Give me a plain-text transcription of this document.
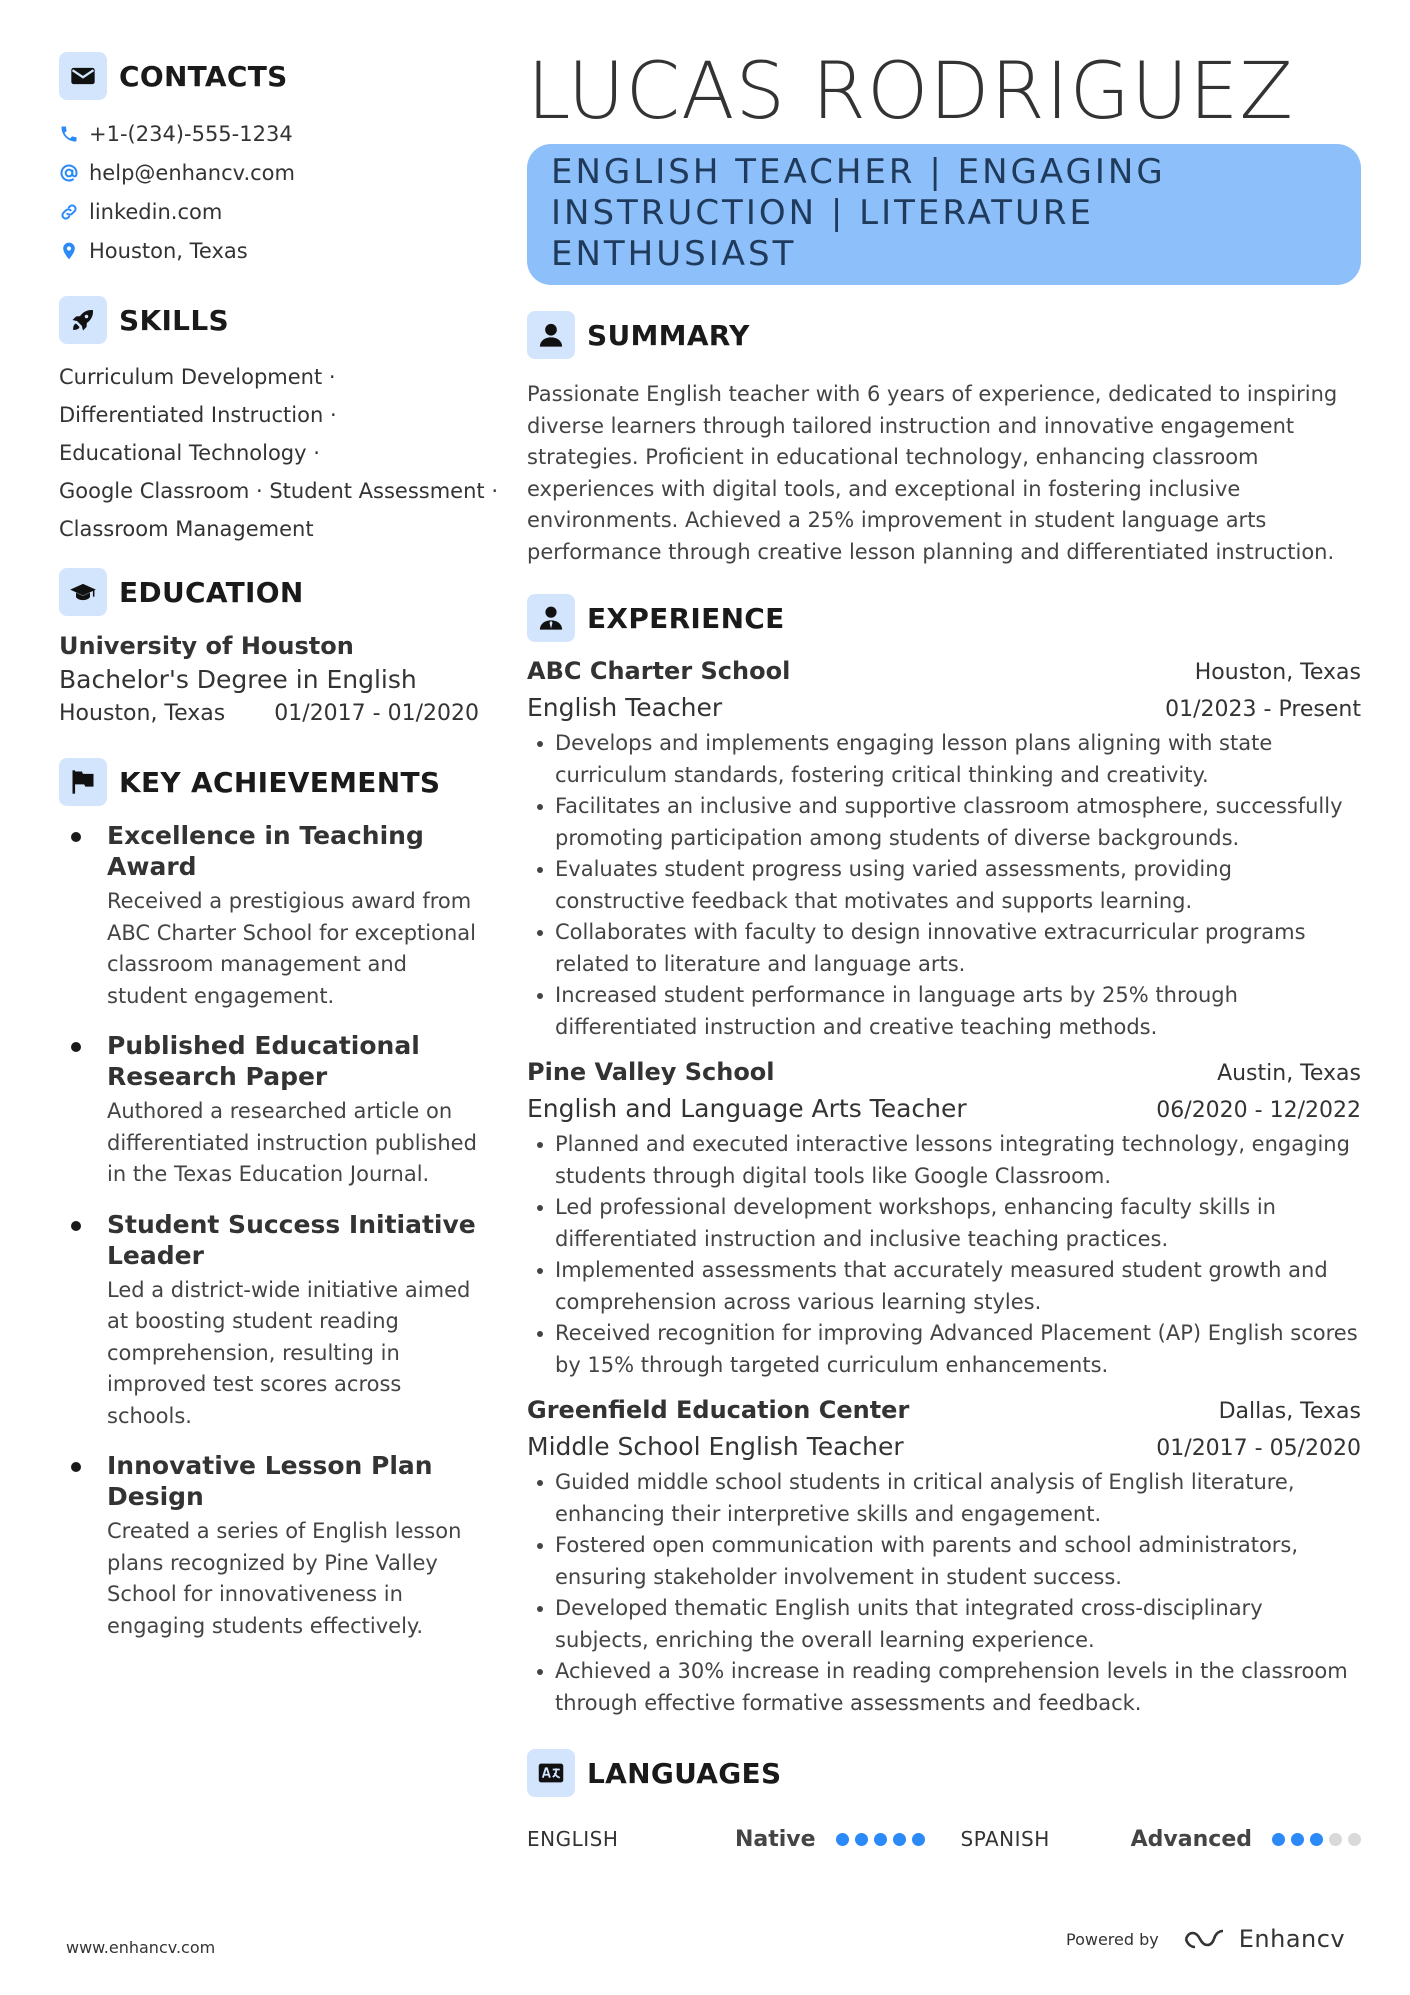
CONTACTS
+1-(234)-555-1234
help@enhancv.com
linkedin.com
Houston, Texas
SKILLS
Curriculum Development ·
Differentiated Instruction ·
Educational Technology ·
Google Classroom · Student Assessment ·
Classroom Management
EDUCATION
University of Houston
Bachelor's Degree in English
Houston, Texas 01/2017 - 01/2020
KEY ACHIEVEMENTS
Excellence in Teaching Award
Received a prestigious award from ABC Charter School for exceptional classroom management and student engagement.
Published Educational Research Paper
Authored a researched article on differentiated instruction published in the Texas Education Journal.
Student Success Initiative Leader
Led a district-wide initiative aimed at boosting student reading comprehension, resulting in improved test scores across schools.
Innovative Lesson Plan Design
Created a series of English lesson plans recognized by Pine Valley School for innovativeness in engaging students effectively.
LUCAS RODRIGUEZ
ENGLISH TEACHER | ENGAGING INSTRUCTION | LITERATURE ENTHUSIAST
SUMMARY
Passionate English teacher with 6 years of experience, dedicated to inspiring diverse learners through tailored instruction and innovative engagement strategies. Proficient in educational technology, enhancing classroom experiences with digital tools, and exceptional in fostering inclusive environments. Achieved a 25% improvement in student language arts performance through creative lesson planning and differentiated instruction.
EXPERIENCE
ABC Charter School	Houston, Texas
English Teacher	01/2023 - Present
Develops and implements engaging lesson plans aligning with state curriculum standards, fostering critical thinking and creativity.
Facilitates an inclusive and supportive classroom atmosphere, successfully promoting participation among students of diverse backgrounds.
Evaluates student progress using varied assessments, providing constructive feedback that motivates and supports learning.
Collaborates with faculty to design innovative extracurricular programs related to literature and language arts.
Increased student performance in language arts by 25% through differentiated instruction and creative teaching methods.
Pine Valley School	Austin, Texas
English and Language Arts Teacher	06/2020 - 12/2022
Planned and executed interactive lessons integrating technology, engaging students through digital tools like Google Classroom.
Led professional development workshops, enhancing faculty skills in differentiated instruction and inclusive teaching practices.
Implemented assessments that accurately measured student growth and comprehension across various learning styles.
Received recognition for improving Advanced Placement (AP) English scores by 15% through targeted curriculum enhancements.
Greenfield Education Center	Dallas, Texas
Middle School English Teacher	01/2017 - 05/2020
Guided middle school students in critical analysis of English literature, enhancing their interpretive skills and engagement.
Fostered open communication with parents and school administrators, ensuring stakeholder involvement in student success.
Developed thematic English units that integrated cross-disciplinary subjects, enriching the overall learning experience.
Achieved a 30% increase in reading comprehension levels in the classroom through effective formative assessments and feedback.
LANGUAGES
ENGLISH	Native	SPANISH	Advanced
www.enhancv.com	Powered by	Enhancv
